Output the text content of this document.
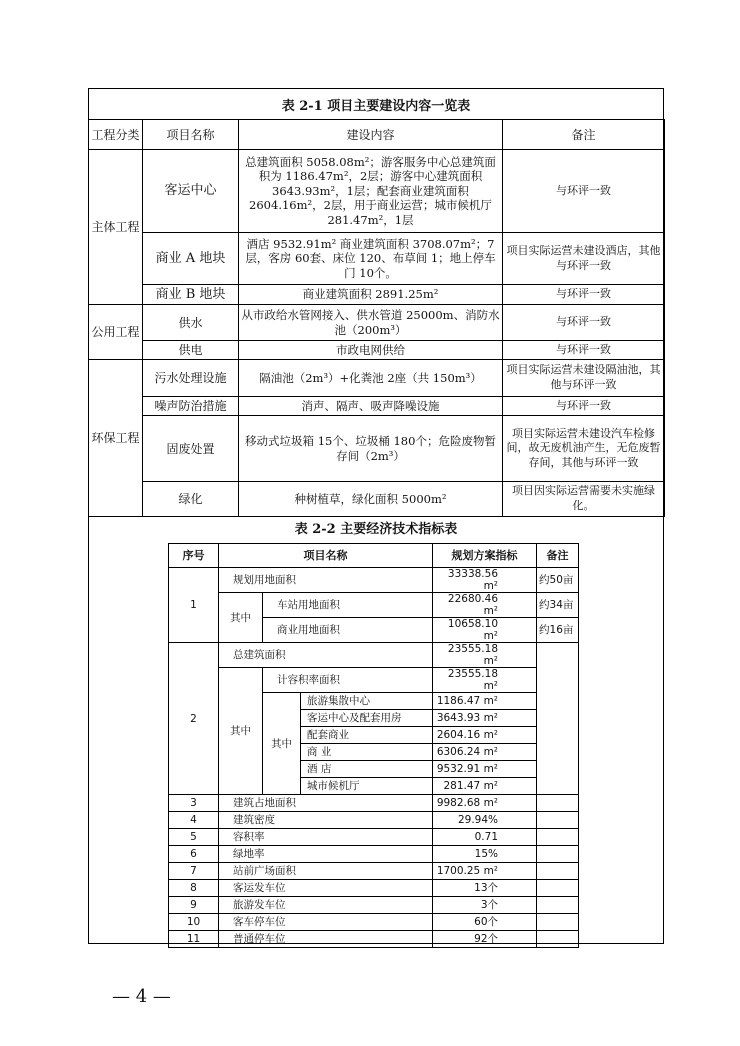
表 2-1 项目主要建设内容一览表
工程分类	项目名称	建设内容	备注
主体工程	客运中心	总建筑面积 5058.08m²；游客服务中心总建筑面积为 1186.47m²，2层；游客中心建筑面积 3643.93m²，1层；配套商业建筑面积 2604.16m²，2层，用于商业运营；城市候机厅 281.47m²，1层	与环评一致
	商业 A 地块	酒店 9532.91m² 商业建筑面积 3708.07m²；7层，客房 60套、床位 120、布草间 1；地上停车门 10个。	项目实际运营未建设酒店，其他与环评一致
	商业 B 地块	商业建筑面积 2891.25m²	与环评一致
公用工程	供水	从市政给水管网接入、供水管道 25000m、消防水池（200m³）	与环评一致
	供电	市政电网供给	与环评一致
环保工程	污水处理设施	隔油池（2m³）+化粪池 2座（共 150m³）	项目实际运营未建设隔油池，其他与环评一致
	噪声防治措施	消声、隔声、吸声降噪设施	与环评一致
	固废处置	移动式垃圾箱 15个、垃圾桶 180个；危险废物暂存间（2m³）	项目实际运营未建设汽车检修间，故无废机油产生，无危废暂存间，其他与环评一致
	绿化	种树植草，绿化面积 5000m²	项目因实际运营需要未实施绿化。
表 2-2 主要经济技术指标表
序号	项目名称			规划方案指标	备注
1	规划用地面积			33338.56 m²	约50亩
	其中	车站用地面积		22680.46 m²	约34亩
		商业用地面积		10658.10 m²	约16亩
2	总建筑面积			23555.18 m²	
	其中	计容积率面积		23555.18 m²	
		其中	旅游集散中心	1186.47 m²	
			客运中心及配套用房	3643.93 m²	
			配套商业	2604.16 m²	
			商 业	6306.24 m²	
			酒 店	9532.91 m²	
			城市候机厅	281.47 m²	
3	建筑占地面积			9982.68 m²	
4	建筑密度			29.94%	
5	容积率			0.71	
6	绿地率			15%	
7	站前广场面积			1700.25 m²	
8	客运发车位			13个	
9	旅游发车位			3个	
10	客车停车位			60个	
11	普通停车位			92个	
— 4 —
